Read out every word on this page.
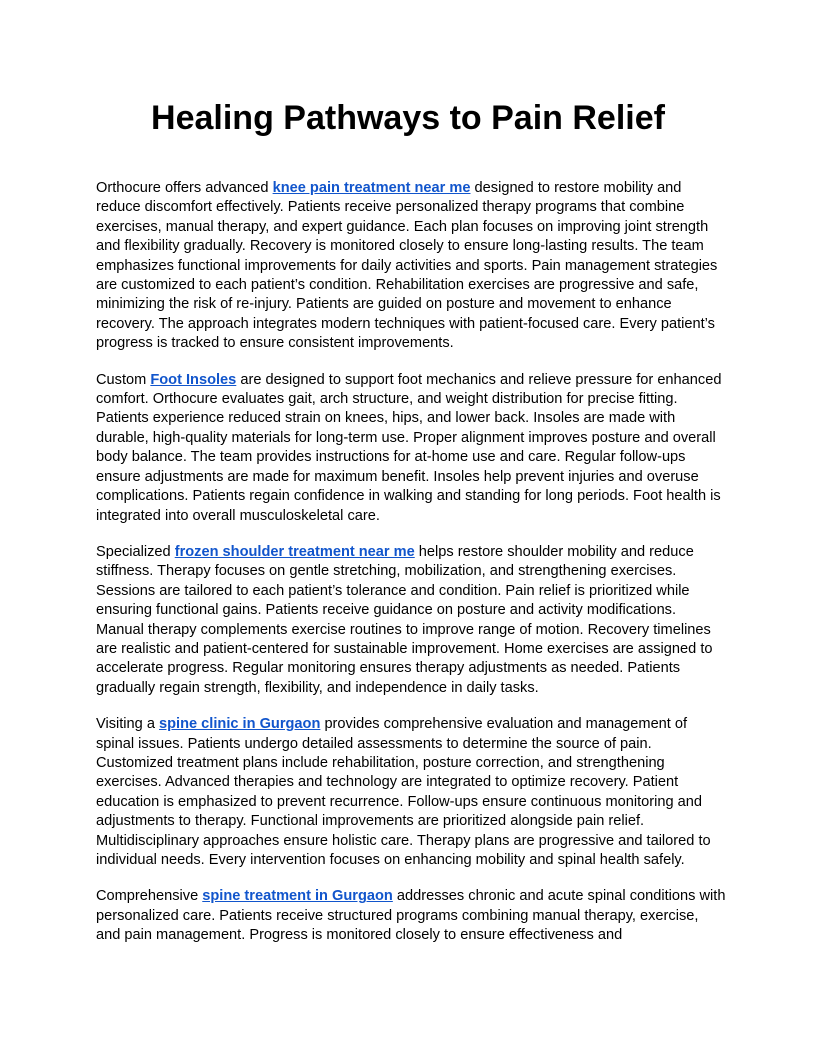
Healing Pathways to Pain Relief

Orthocure offers advanced knee pain treatment near me designed to restore mobility and reduce discomfort effectively. Patients receive personalized therapy programs that combine exercises, manual therapy, and expert guidance. Each plan focuses on improving joint strength and flexibility gradually. Recovery is monitored closely to ensure long-lasting results. The team emphasizes functional improvements for daily activities and sports. Pain management strategies are customized to each patient’s condition. Rehabilitation exercises are progressive and safe, minimizing the risk of re-injury. Patients are guided on posture and movement to enhance recovery. The approach integrates modern techniques with patient-focused care. Every patient’s progress is tracked to ensure consistent improvements.

Custom Foot Insoles are designed to support foot mechanics and relieve pressure for enhanced comfort. Orthocure evaluates gait, arch structure, and weight distribution for precise fitting. Patients experience reduced strain on knees, hips, and lower back. Insoles are made with durable, high-quality materials for long-term use. Proper alignment improves posture and overall body balance. The team provides instructions for at-home use and care. Regular follow-ups ensure adjustments are made for maximum benefit. Insoles help prevent injuries and overuse complications. Patients regain confidence in walking and standing for long periods. Foot health is integrated into overall musculoskeletal care.

Specialized frozen shoulder treatment near me helps restore shoulder mobility and reduce stiffness. Therapy focuses on gentle stretching, mobilization, and strengthening exercises. Sessions are tailored to each patient’s tolerance and condition. Pain relief is prioritized while ensuring functional gains. Patients receive guidance on posture and activity modifications. Manual therapy complements exercise routines to improve range of motion. Recovery timelines are realistic and patient-centered for sustainable improvement. Home exercises are assigned to accelerate progress. Regular monitoring ensures therapy adjustments as needed. Patients gradually regain strength, flexibility, and independence in daily tasks.

Visiting a spine clinic in Gurgaon provides comprehensive evaluation and management of spinal issues. Patients undergo detailed assessments to determine the source of pain. Customized treatment plans include rehabilitation, posture correction, and strengthening exercises. Advanced therapies and technology are integrated to optimize recovery. Patient education is emphasized to prevent recurrence. Follow-ups ensure continuous monitoring and adjustments to therapy. Functional improvements are prioritized alongside pain relief. Multidisciplinary approaches ensure holistic care. Therapy plans are progressive and tailored to individual needs. Every intervention focuses on enhancing mobility and spinal health safely.

Comprehensive spine treatment in Gurgaon addresses chronic and acute spinal conditions with personalized care. Patients receive structured programs combining manual therapy, exercise, and pain management. Progress is monitored closely to ensure effectiveness and
